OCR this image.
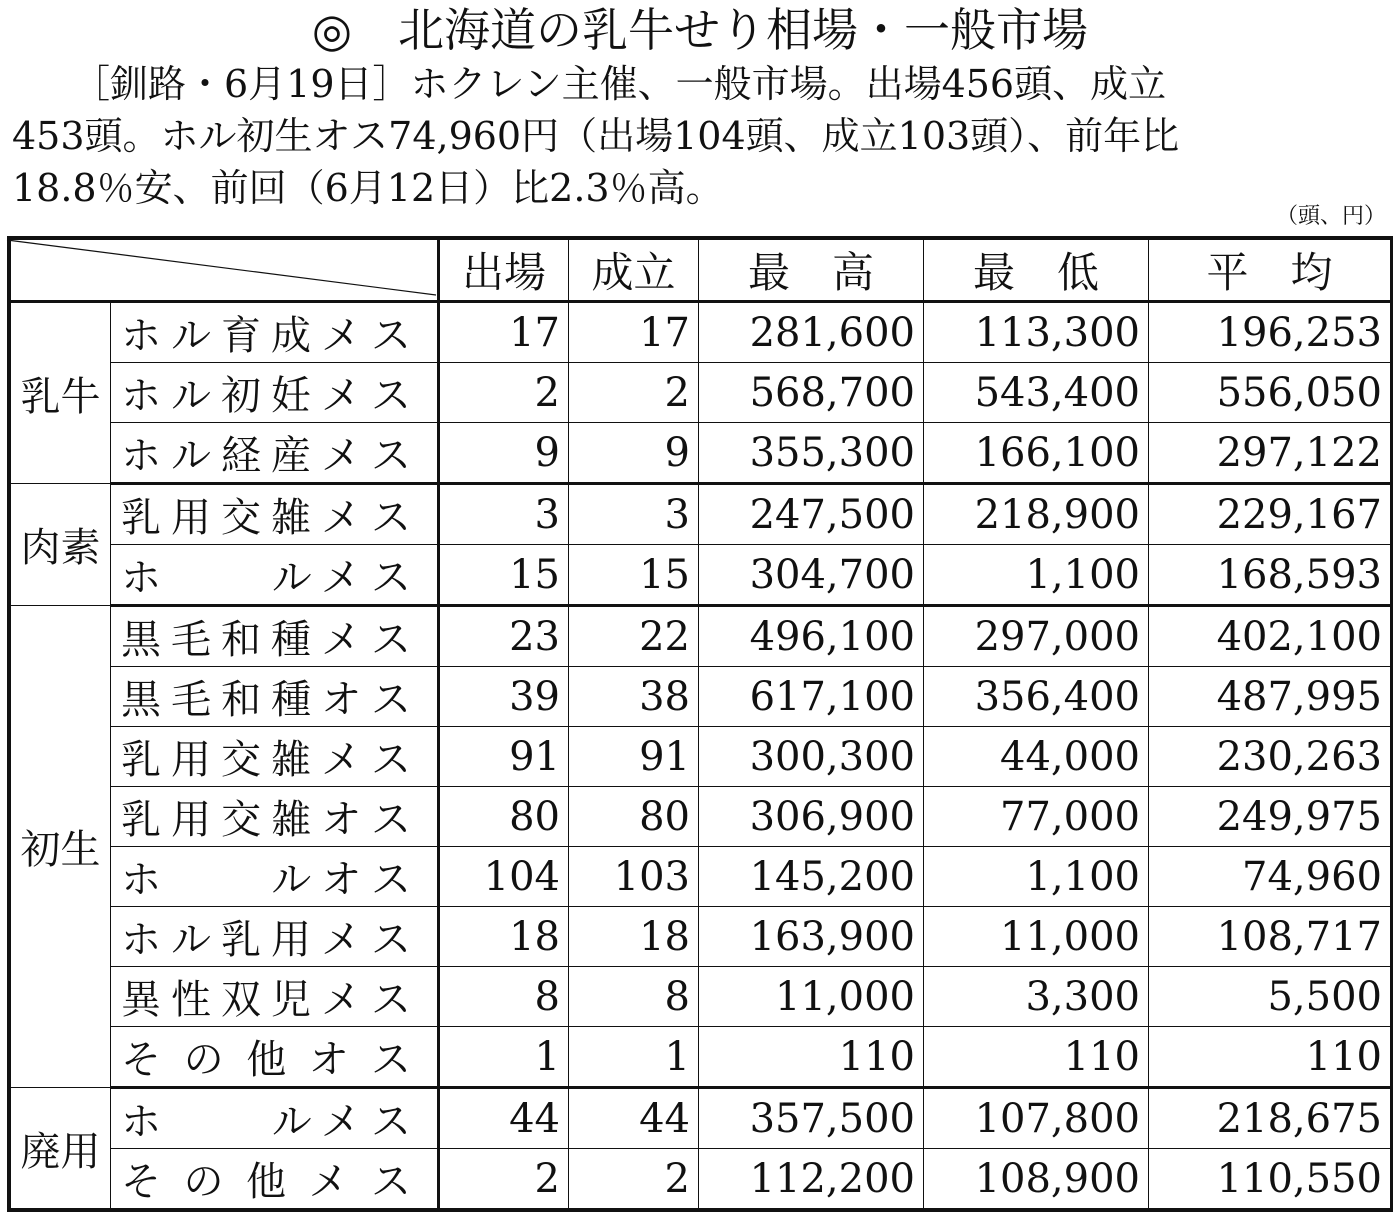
◎　北海道の乳牛せり相場・一般市場
［釧路・6月19日］ホクレン主催、一般市場。出場456頭、成立
453頭。ホル初生オス74,960円（出場104頭、成立103頭）、前年比
18.8％安、前回（6月12日）比2.3％高。
（頭、円）
		出場	成立	最　高	最　低	平　均
乳牛	ホル育成メス	17	17	281,600	113,300	196,253
	ホル初妊メス	2	2	568,700	543,400	556,050
	ホル経産メス	9	9	355,300	166,100	297,122
肉素	乳用交雑メス	3	3	247,500	218,900	229,167
	ホ　　ルメス	15	15	304,700	1,100	168,593
初生	黒毛和種メス	23	22	496,100	297,000	402,100
	黒毛和種オス	39	38	617,100	356,400	487,995
	乳用交雑メス	91	91	300,300	44,000	230,263
	乳用交雑オス	80	80	306,900	77,000	249,975
	ホ　　ルオス	104	103	145,200	1,100	74,960
	ホル乳用メス	18	18	163,900	11,000	108,717
	異性双児メス	8	8	11,000	3,300	5,500
	その他オス	1	1	110	110	110
廃用	ホ　　ルメス	44	44	357,500	107,800	218,675
	その他メス	2	2	112,200	108,900	110,550
